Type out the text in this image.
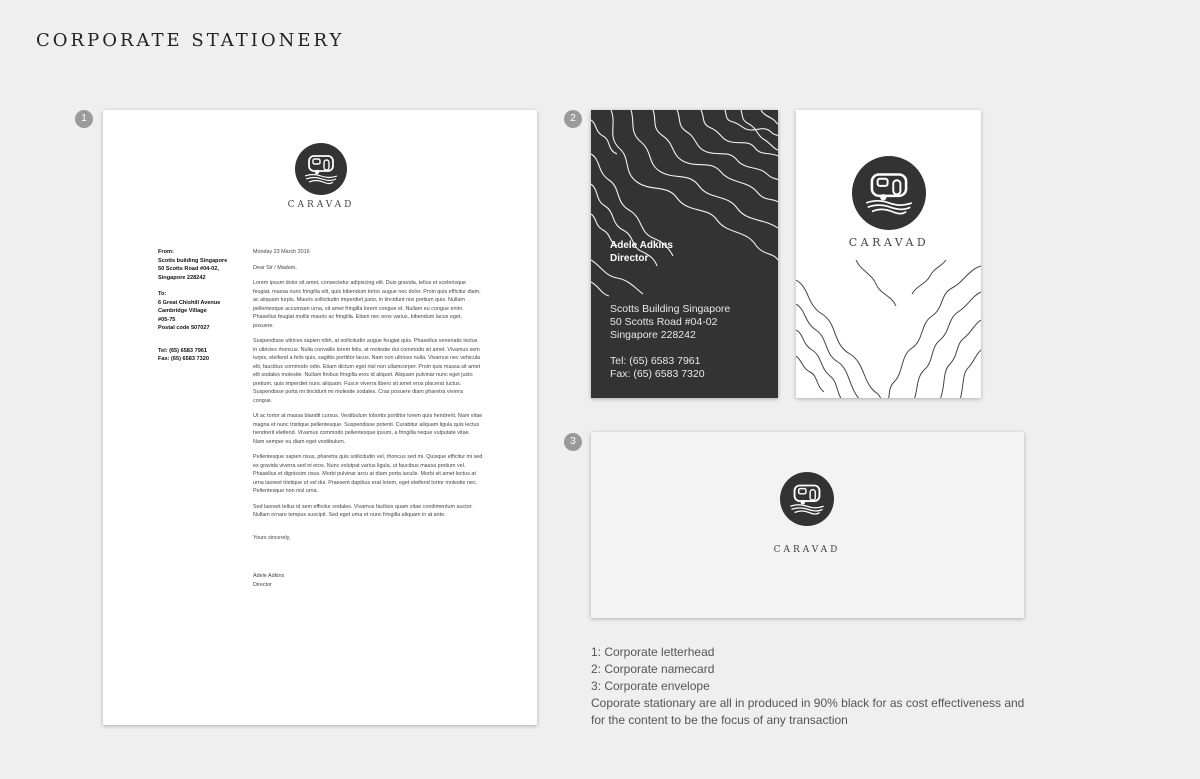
CORPORATE STATIONERY
1	2
3
CARAVAD
From:
Scotts building Singapore
50 Scotts Road #04-02,
Singapore 228242
To:
6 Great Chishill Avenue
Cambridge Village
#05-75
Postal code 507027
Tel: (65) 6583 7961
Fax: (65) 6583 7320

Monday 23 March 2016

Dear Sir / Madam,

Lorem ipsum dolor sit amet, consectetur adipiscing elit. Duis gravida, tellus et scelerisque feugiat, massa nunc fringilla elit, quis bibendum tortor augue nec dolor. Proin quis efficitur diam, ac aliquam turpis. Mauris sollicitudin imperdiet justo, in tincidunt nisi pretium quis. Nullam pellentesque accumsan urna, sit amet fringilla lorem congue et. Nullam eu congue enim. Phasellus feugiat mollis mauris ac fringilla. Etiam nec eros varius, bibendum lacus eget, posuere.

Suspendisse ultrices sapien nibh, at sollicitudin augue feugiat quis. Phasellus venenatis lectus in ultricies rhoncus. Nulla convallis lorem felis, at molestie dui commodo sit amet. Vivamus sem turpis, eleifend a felis quis, sagittis porttitor lacus. Nam non ultrices nulla. Vivamus nec vehicula elit, faucibus commodo odio. Etiam dictum eget nisl non ullamcorper. Proin quis massa sit amet elit sodales molestie. Nullam finibus fringilla eros id aliquet. Aliquam pulvinar nunc eget justo pretium, quis imperdiet nunc aliquam. Fusce viverra libero sit amet eros placerat luctus. Suspendisse porta mi tincidunt mi molestie sodales. Cras posuere diam pharetra viverra congue.

Ut ac tortor at massa blandit cursus. Vestibulum lobortis porttitor lorem quis hendrerit. Nam vitae magna et nunc tristique pellentesque. Suspendisse potenti. Curabitur aliquam ligula quis lectus hendrerit eleifend. Vivamus commodo pellentesque ipsum, a fringilla neque vulputate vitae. Nam semper eu diam eget vestibulum.

Pellentesque sapien risus, pharetra quis sollicitudin vel, rhoncus sed mi. Quisque efficitur mi sed ex gravida viverra sed et eros. Nunc volutpat varius ligula, ut faucibus massa pretium vel. Phasellus et dignissim risus. Morbi pulvinar arcu at diam porta iaculis. Morbi sit amet lectus at urna laoreet tristique ut vel dui. Praesent dapibus erat lorem, eget eleifend tortor molestie nec. Pellentesque non nisl urna.

Sed laoreet tellus id sem efficitur sodales. Vivamus facilisis quam vitae condimentum auctor. Nullam ornare tempus suscipit. Sed eget urna et nunc fringilla aliquam in at ante.

Yours sincerely,

Adele Adkins
Director
Adele Adkins
Director
Scotts Building Singapore
50 Scotts Road #04-02
Singapore 228242
Tel: (65) 6583 7961
Fax: (65) 6583 7320
CARAVAD
CARAVAD
1: Corporate letterhead
2: Corporate namecard
3: Corporate envelope
Coporate stationary are all in produced in 90% black for as cost effectiveness and
for the content to be the focus of any transaction
